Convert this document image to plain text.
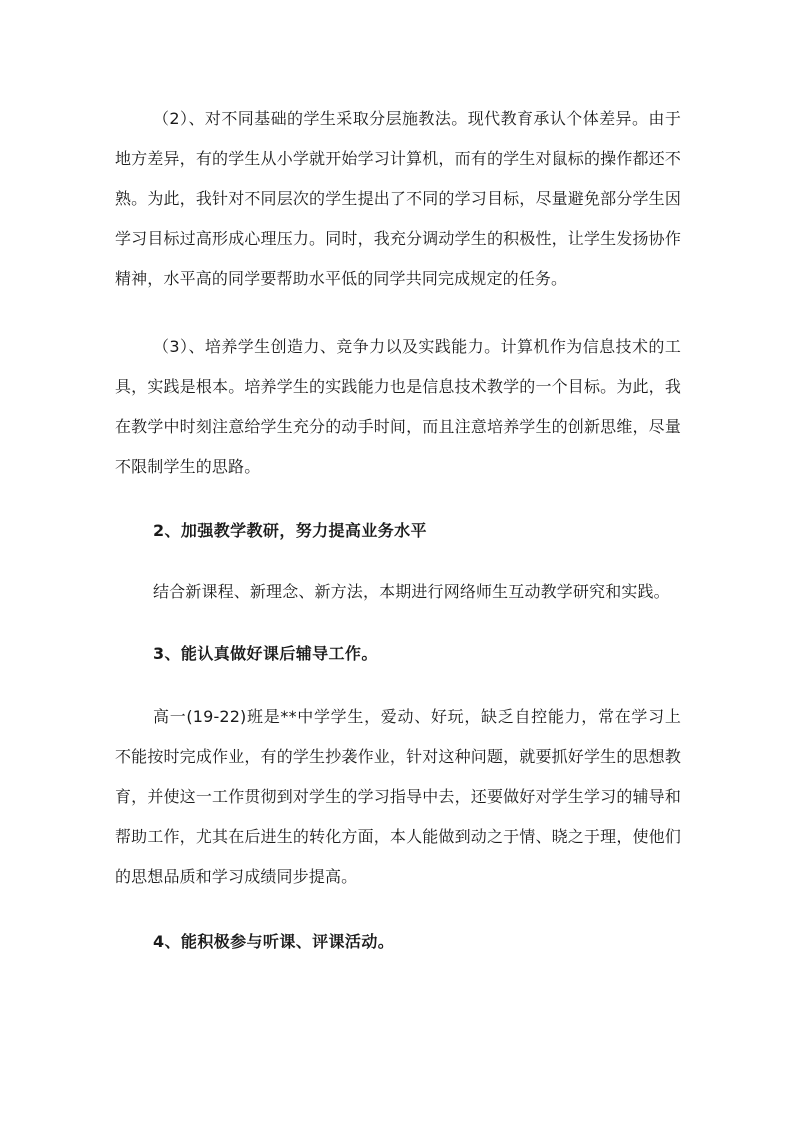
（2）、对不同基础的学生采取分层施教法。现代教育承认个体差异。由于地方差异，有的学生从小学就开始学习计算机，而有的学生对鼠标的操作都还不熟。为此，我针对不同层次的学生提出了不同的学习目标，尽量避免部分学生因学习目标过高形成心理压力。同时，我充分调动学生的积极性，让学生发扬协作精神，水平高的同学要帮助水平低的同学共同完成规定的任务。

（3）、培养学生创造力、竞争力以及实践能力。计算机作为信息技术的工具，实践是根本。培养学生的实践能力也是信息技术教学的一个目标。为此，我在教学中时刻注意给学生充分的动手时间，而且注意培养学生的创新思维，尽量不限制学生的思路。

2、加强教学教研，努力提高业务水平

结合新课程、新理念、新方法，本期进行网络师生互动教学研究和实践。

3、能认真做好课后辅导工作。

高一(19-22)班是**中学学生，爱动、好玩，缺乏自控能力，常在学习上不能按时完成作业，有的学生抄袭作业，针对这种问题，就要抓好学生的思想教育，并使这一工作贯彻到对学生的学习指导中去，还要做好对学生学习的辅导和帮助工作，尤其在后进生的转化方面，本人能做到动之于情、晓之于理，使他们的思想品质和学习成绩同步提高。

4、能积极参与听课、评课活动。
